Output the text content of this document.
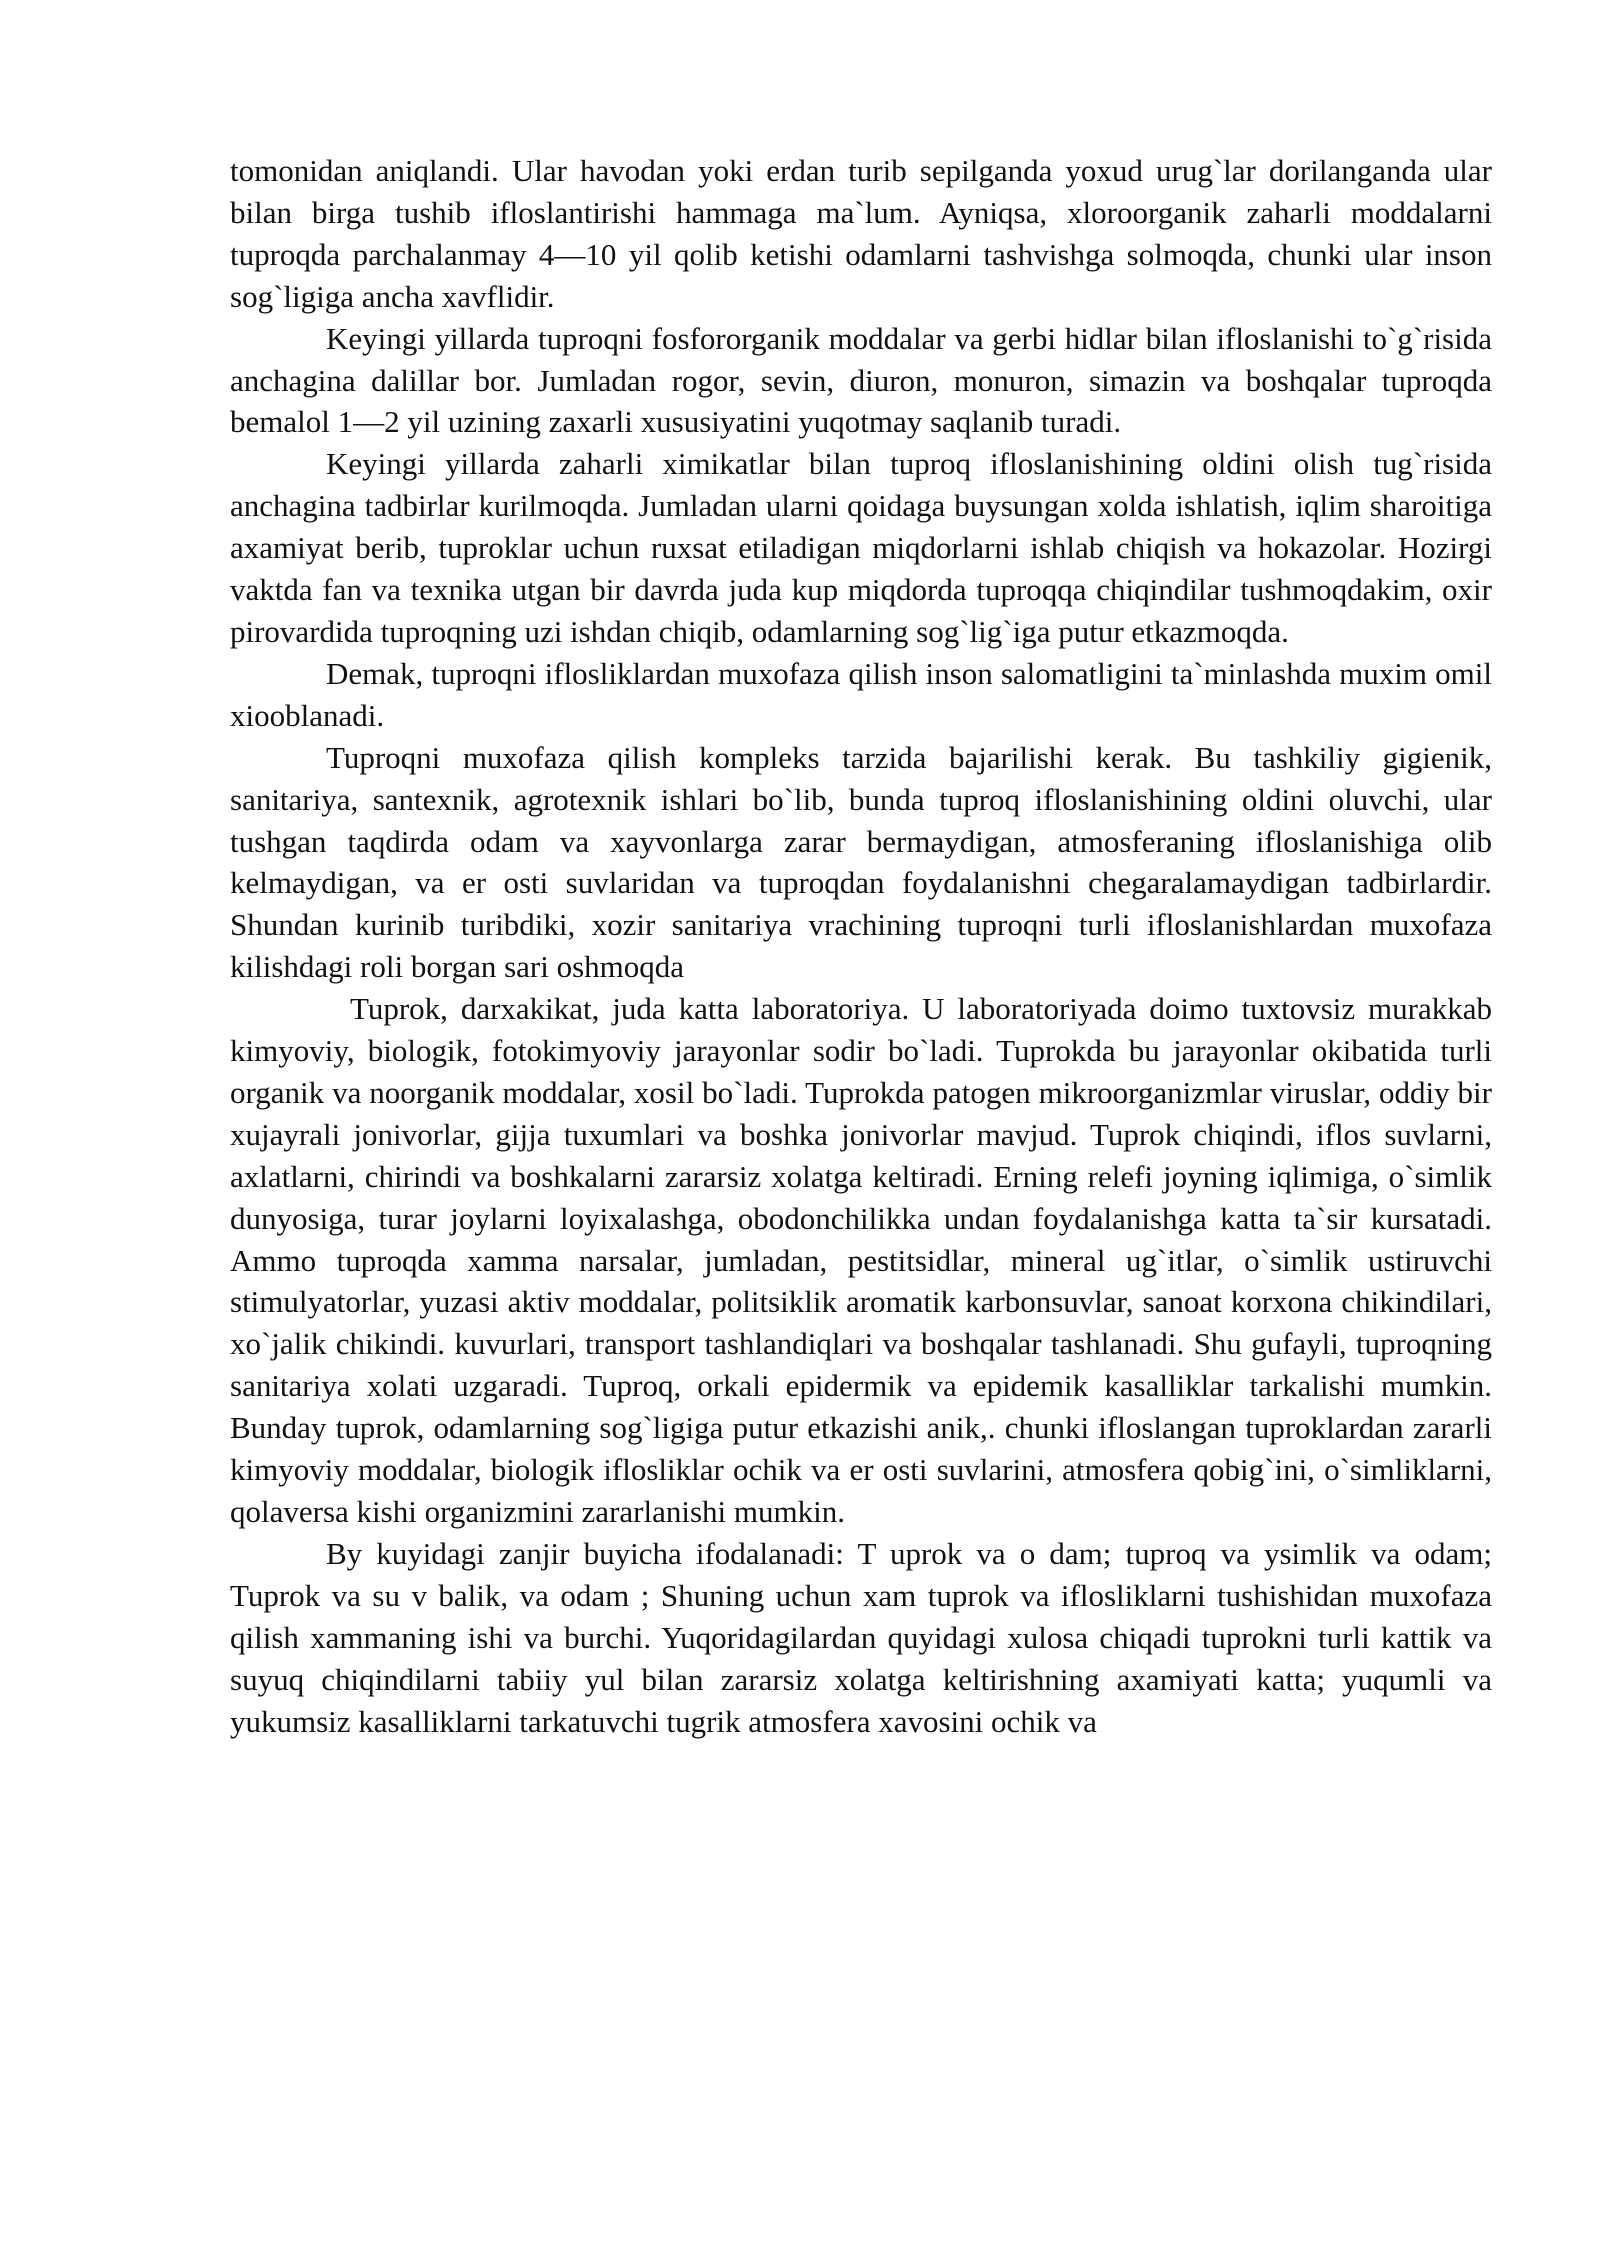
tomonidan aniqlandi. Ular havodan yoki erdan turib sepilganda yoxud urug`lar dorilanganda ular bilan birga tushib ifloslantirishi hammaga ma`lum. Ayniqsa, xloroorganik zaharli moddalarni tuproqda parchalanmay 4—10 yil qolib ketishi odamlarni tashvishga solmoqda, chunki ular inson sog`ligiga ancha xavflidir.

Keyingi yillarda tuproqni fosfororganik moddalar va gerbi hidlar bilan ifloslanishi to`g`risida anchagina dalillar bor. Jumladan rogor, sevin, diuron, monuron, simazin va boshqalar tuproqda bemalol 1—2 yil uzining zaxarli xususiyatini yuqotmay saqlanib turadi.

Keyingi yillarda zaharli ximikatlar bilan tuproq ifloslanishining oldini olish tug`risida anchagina tadbirlar kurilmoqda. Jumladan ularni qoidaga buysungan xolda ishlatish, iqlim sharoitiga axamiyat berib, tuproklar uchun ruxsat etiladigan miqdorlarni ishlab chiqish va hokazolar. Hozirgi vaktda fan va texnika utgan bir davrda juda kup miqdorda tuproqqa chiqindilar tushmoqdakim, oxir pirovardida tuproqning uzi ishdan chiqib, odamlarning sog`lig`iga putur etkazmoqda.

Demak, tuproqni iflosliklardan muxofaza qilish inson salomatligini ta`minlashda muxim omil xiooblanadi.

Tuproqni muxofaza qilish kompleks tarzida bajarilishi kerak. Bu tashkiliy gigienik, sanitariya, santexnik, agrotexnik ishlari bo`lib, bunda tuproq ifloslanishining oldini oluvchi, ular tushgan taqdirda odam va xayvonlarga zarar bermaydigan, atmosferaning ifloslanishiga olib kelmaydigan, va er osti suvlaridan va tuproqdan foydalanishni chegaralamaydigan tadbirlardir. Shundan kurinib turibdiki, xozir sanitariya vrachining tuproqni turli ifloslanishlardan muxofaza kilishdagi roli borgan sari oshmoqda

Tuprok, darxakikat, juda katta laboratoriya. U laboratoriyada doimo tuxtovsiz murakkab kimyoviy, biologik, fotokimyoviy jarayonlar sodir bo`ladi. Tuprokda bu jarayonlar okibatida turli organik va noorganik moddalar, xosil bo`ladi. Tuprokda patogen mikroorganizmlar viruslar, oddiy bir xujayrali jonivorlar, gijja tuxumlari va boshka jonivorlar mavjud. Tuprok chiqindi, iflos suvlarni, axlatlarni, chirindi va boshkalarni zararsiz xolatga keltiradi. Erning relefi joyning iqlimiga, o`simlik dunyosiga, turar joylarni loyixalashga, obodonchilikka undan foydalanishga katta ta`sir kursatadi. Ammo tuproqda xamma narsalar, jumladan, pestitsidlar, mineral ug`itlar, o`simlik ustiruvchi stimulyatorlar, yuzasi aktiv moddalar, politsiklik aromatik karbonsuvlar, sanoat korxona chikindilari, xo`jalik chikindi. kuvurlari, transport tashlandiqlari va boshqalar tashlanadi. Shu gufayli, tuproqning sanitariya xolati uzgaradi. Tuproq, orkali epidermik va epidemik kasalliklar tarkalishi mumkin. Bunday tuprok, odamlarning sog`ligiga putur etkazishi anik,. chunki ifloslangan tuproklardan zararli kimyoviy moddalar, biologik iflosliklar ochik va er osti suvlarini, atmosfera qobig`ini, o`simliklarni, qolaversa kishi organizmini zararlanishi mumkin.

By kuyidagi zanjir buyicha ifodalanadi: T uprok va o dam; tuproq va ysimlik va odam; Tuprok va su v balik, va odam ; Shuning uchun xam tuprok va iflosliklarni tushishidan muxofaza qilish xammaning ishi va burchi. Yuqoridagilardan quyidagi xulosa chiqadi tuprokni turli kattik va suyuq chiqindilarni tabiiy yul bilan zararsiz xolatga keltirishning axamiyati katta; yuqumli va yukumsiz kasalliklarni tarkatuvchi tugrik atmosfera xavosini ochik va
